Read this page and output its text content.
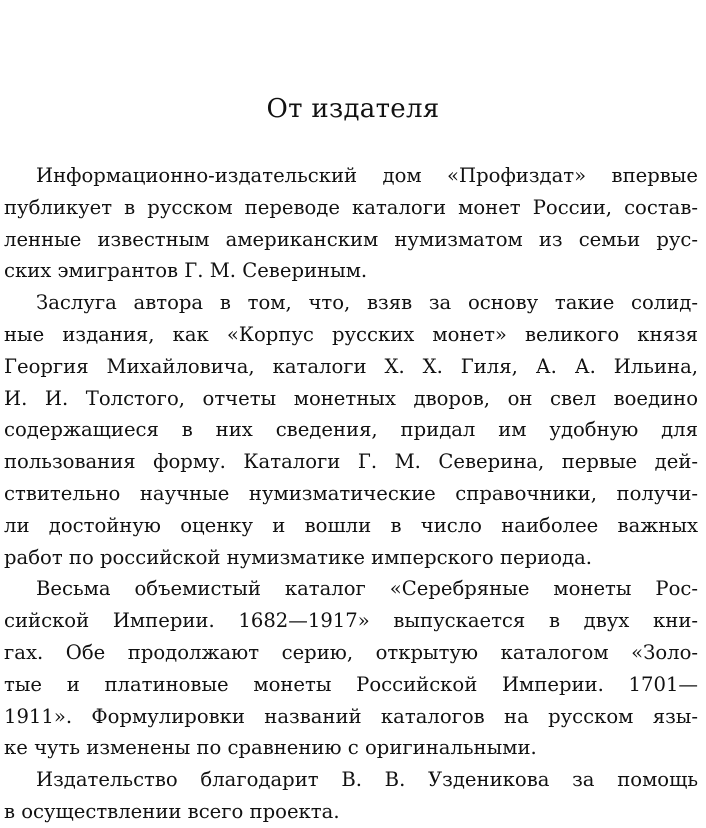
От издателя
Информационно-издательский дом «Профиздат» впервые
публикует в русском переводе каталоги монет России, состав-
ленные известным американским нумизматом из семьи рус-
ских эмигрантов Г. М. Севериным.
Заслуга автора в том, что, взяв за основу такие солид-
ные издания, как «Корпус русских монет» великого князя
Георгия Михайловича, каталоги Х. Х. Гиля, А. А. Ильина,
И. И. Толстого, отчеты монетных дворов, он свел воедино
содержащиеся в них сведения, придал им удобную для
пользования форму. Каталоги Г. М. Северина, первые дей-
ствительно научные нумизматические справочники, получи-
ли достойную оценку и вошли в число наиболее важных
работ по российской нумизматике имперского периода.
Весьма объемистый каталог «Серебряные монеты Рос-
сийской Империи. 1682—1917» выпускается в двух кни-
гах. Обе продолжают серию, открытую каталогом «Золо-
тые и платиновые монеты Российской Империи. 1701—
1911». Формулировки названий каталогов на русском язы-
ке чуть изменены по сравнению с оригинальными.
Издательство благодарит В. В. Узденикова за помощь
в осуществлении всего проекта.
